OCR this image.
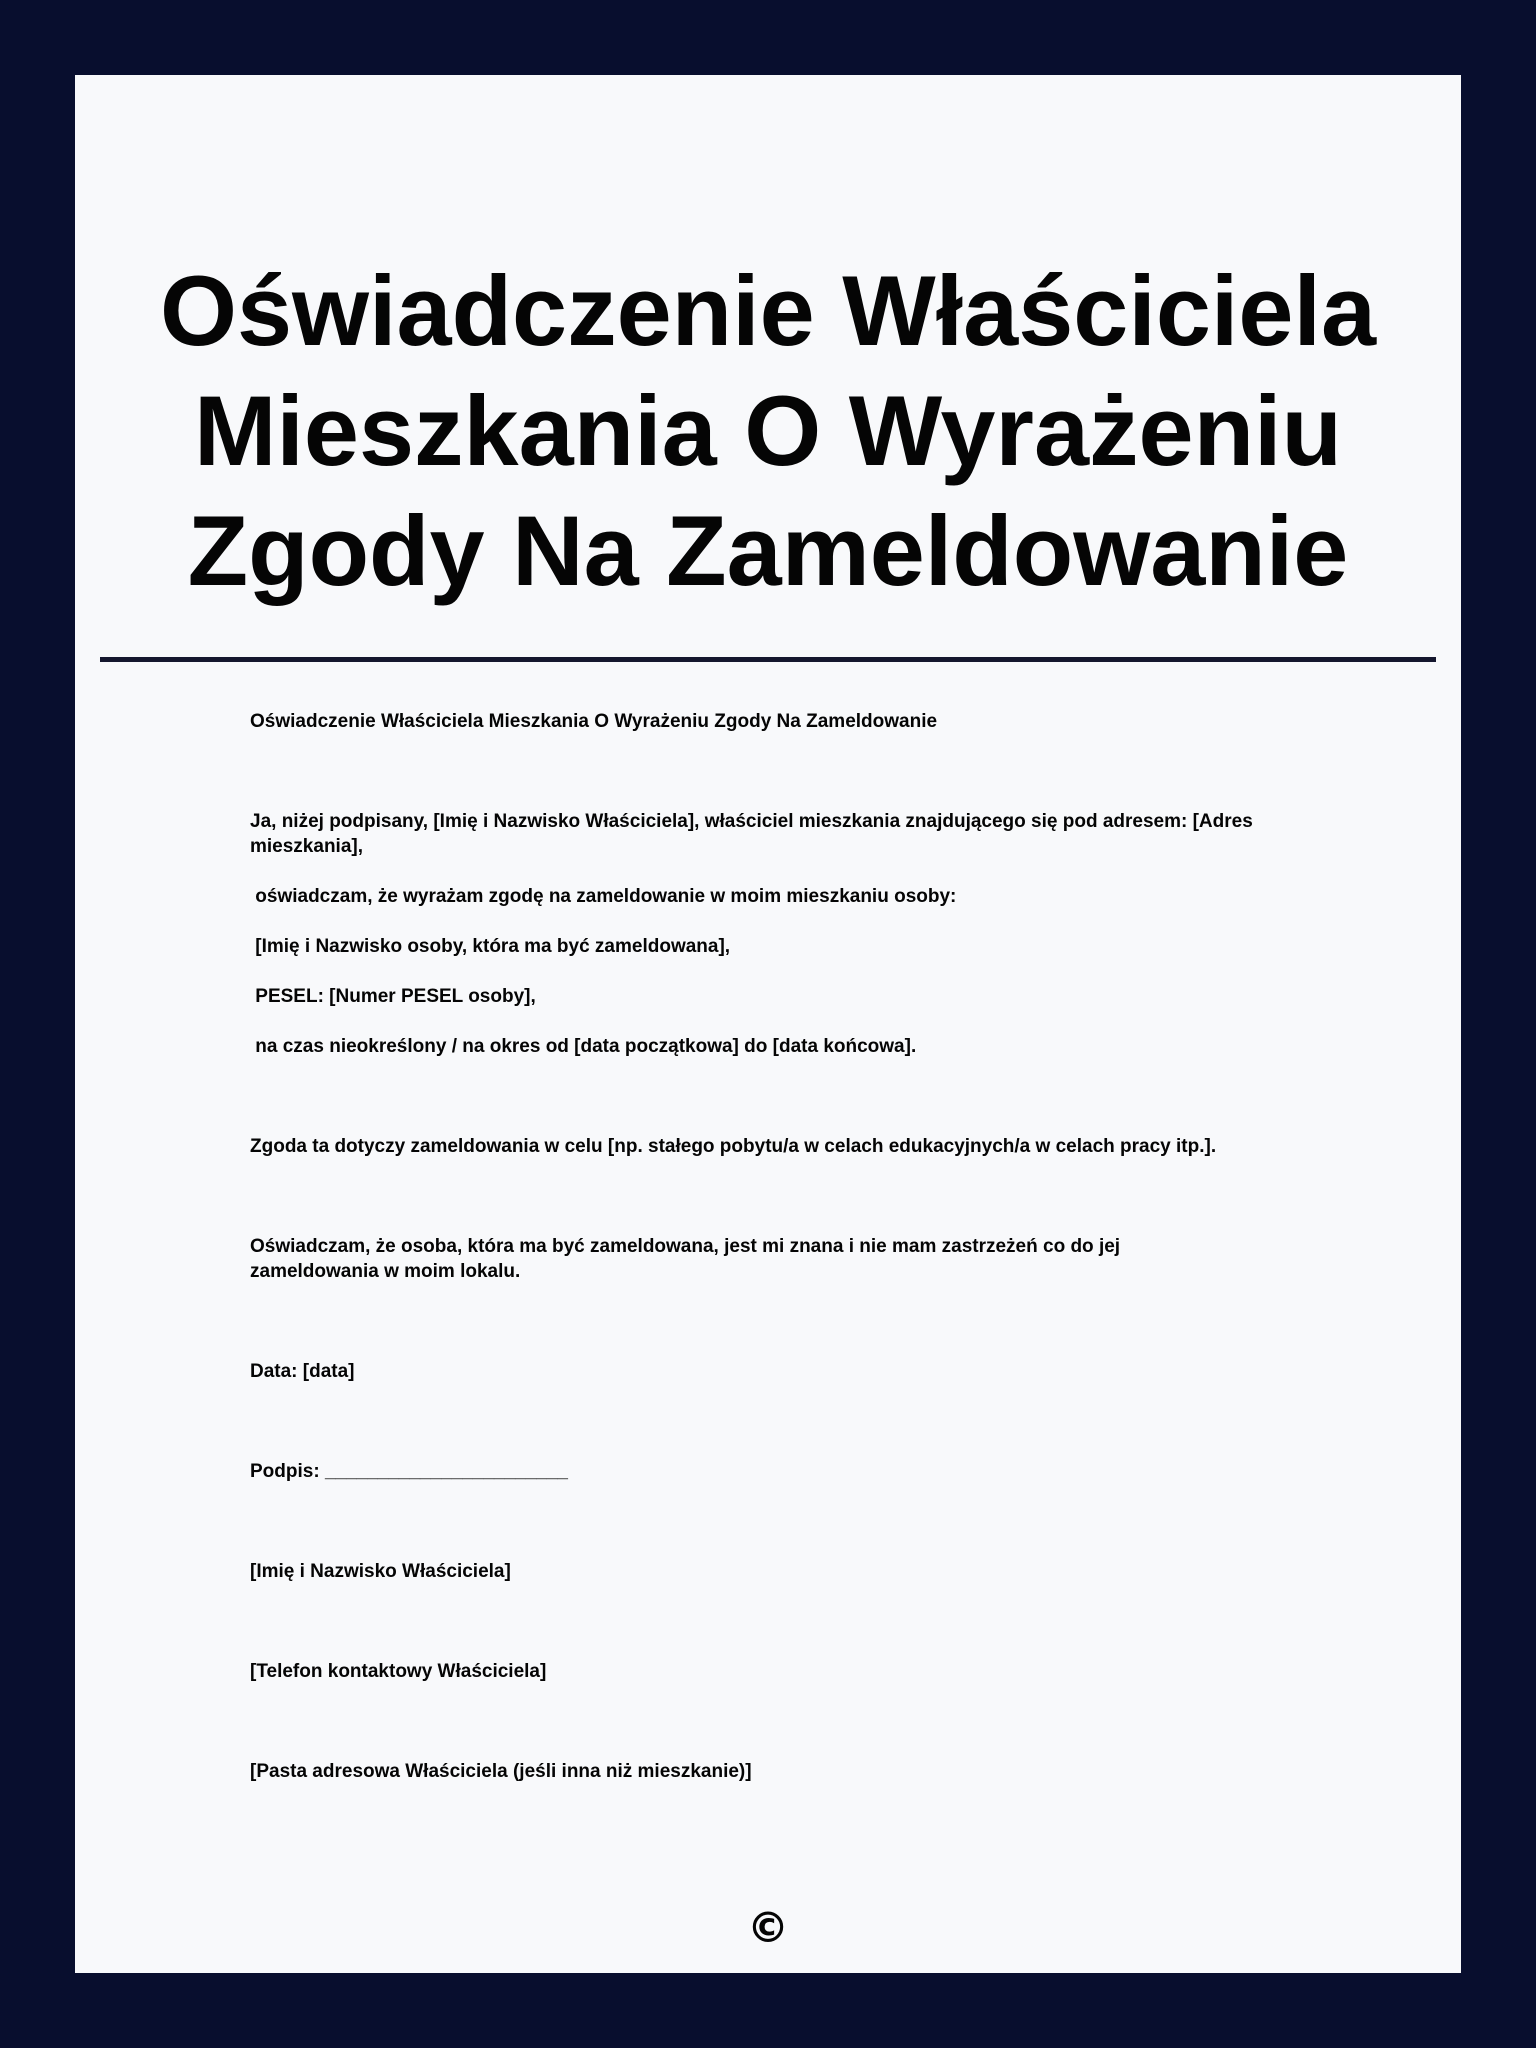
Oświadczenie Właściciela Mieszkania O Wyrażeniu Zgody Na Zameldowanie

Oświadczenie Właściciela Mieszkania O Wyrażeniu Zgody Na Zameldowanie

Ja, niżej podpisany, [Imię i Nazwisko Właściciela], właściciel mieszkania znajdującego się pod adresem: [Adres mieszkania],

oświadczam, że wyrażam zgodę na zameldowanie w moim mieszkaniu osoby:

[Imię i Nazwisko osoby, która ma być zameldowana],

PESEL: [Numer PESEL osoby],

na czas nieokreślony / na okres od [data początkowa] do [data końcowa].

Zgoda ta dotyczy zameldowania w celu [np. stałego pobytu/a w celach edukacyjnych/a w celach pracy itp.].

Oświadczam, że osoba, która ma być zameldowana, jest mi znana i nie mam zastrzeżeń co do jej zameldowania w moim lokalu.

Data: [data]

Podpis: _______________________

[Imię i Nazwisko Właściciela]

[Telefon kontaktowy Właściciela]

[Pasta adresowa Właściciela (jeśli inna niż mieszkanie)]

©
